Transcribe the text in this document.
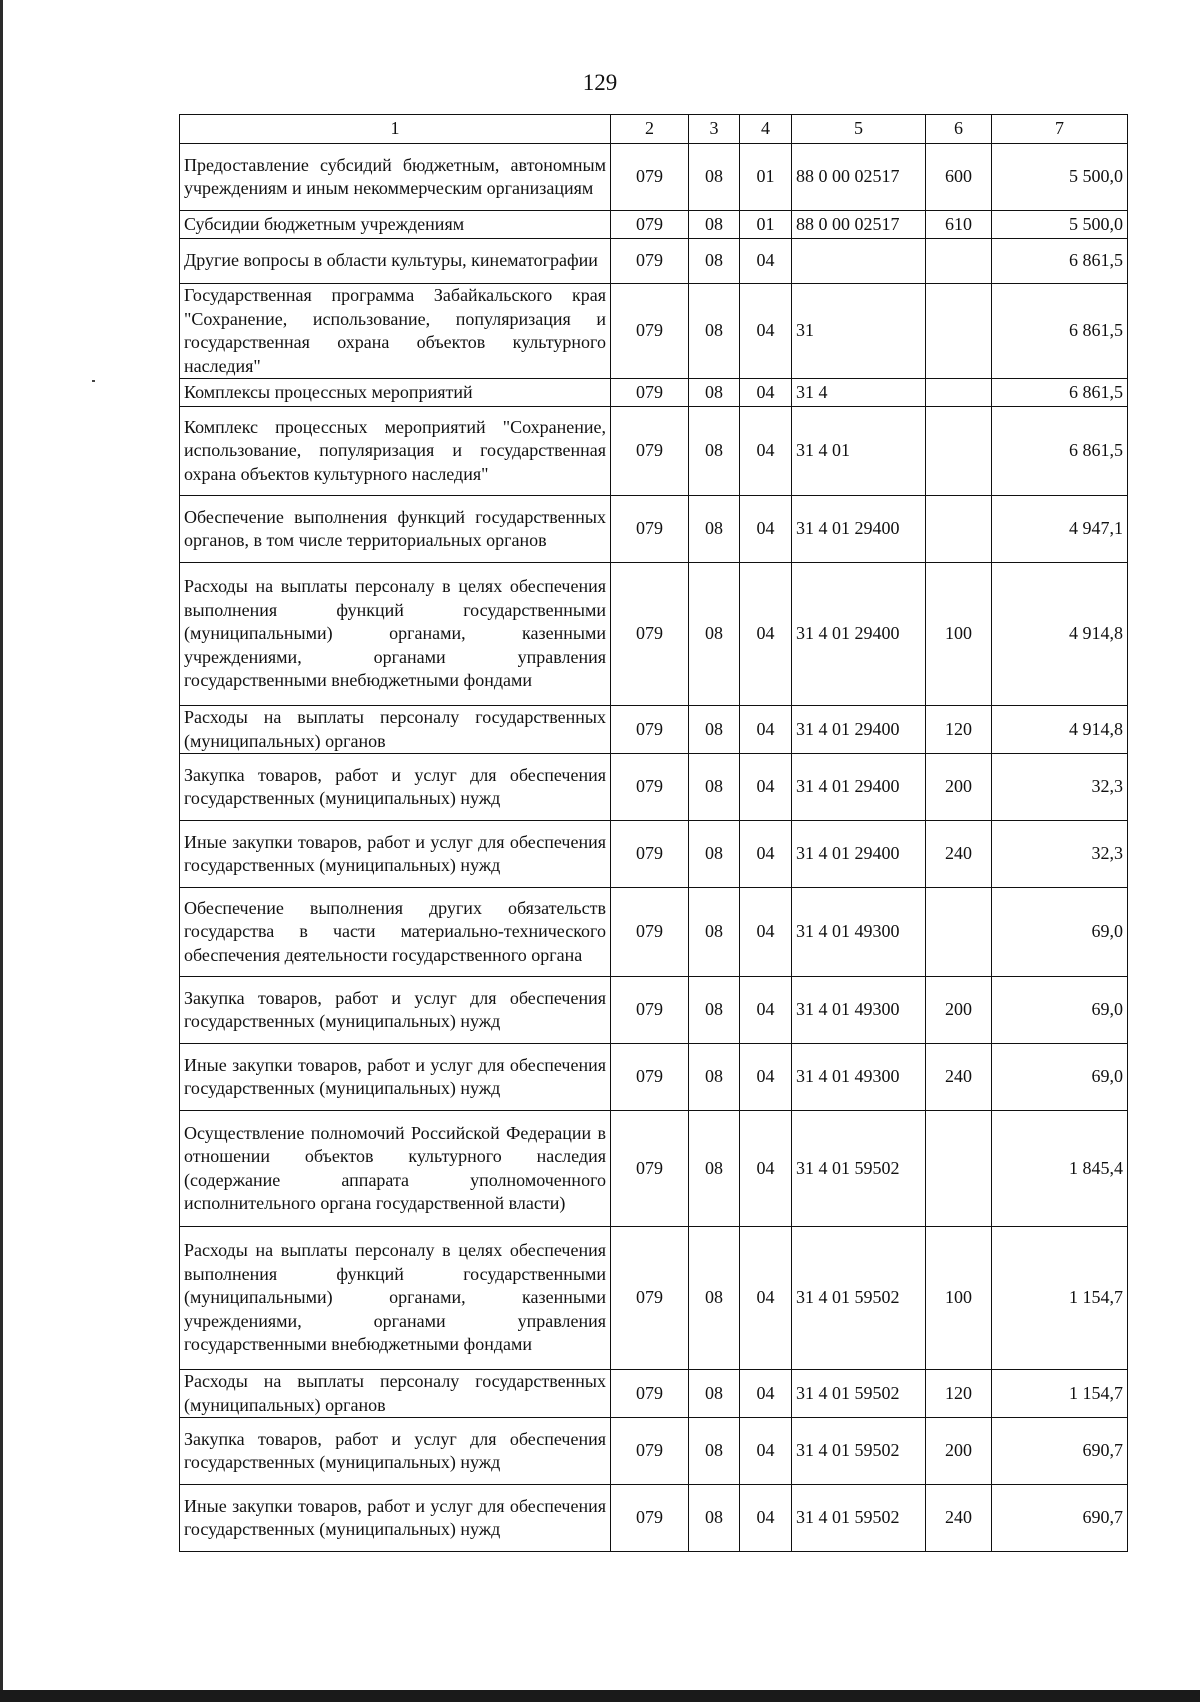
129
1	2	3	4	5	6	7
Предоставление субсидий бюджетным, автономным учреждениям и иным некоммерческим организациям	079	08	01	88 0 00 02517	600	5 500,0
Субсидии бюджетным учреждениям	079	08	01	88 0 00 02517	610	5 500,0
Другие вопросы в области культуры, кинематографии	079	08	04			6 861,5
Государственная программа Забайкальского края "Сохранение, использование, популяризация и государственная охрана объектов культурного наследия"	079	08	04	31		6 861,5
Комплексы процессных мероприятий	079	08	04	31 4		6 861,5
Комплекс процессных мероприятий "Сохранение, использование, популяризация и государственная охрана объектов культурного наследия"	079	08	04	31 4 01		6 861,5
Обеспечение выполнения функций государственных органов, в том числе территориальных органов	079	08	04	31 4 01 29400		4 947,1
Расходы на выплаты персоналу в целях обеспечения выполнения функций государственными (муниципальными) органами, казенными учреждениями, органами управления государственными внебюджетными фондами	079	08	04	31 4 01 29400	100	4 914,8
Расходы на выплаты персоналу государственных (муниципальных) органов	079	08	04	31 4 01 29400	120	4 914,8
Закупка товаров, работ и услуг для обеспечения государственных (муниципальных) нужд	079	08	04	31 4 01 29400	200	32,3
Иные закупки товаров, работ и услуг для обеспечения государственных (муниципальных) нужд	079	08	04	31 4 01 29400	240	32,3
Обеспечение выполнения других обязательств государства в части материально-технического обеспечения деятельности государственного органа	079	08	04	31 4 01 49300		69,0
Закупка товаров, работ и услуг для обеспечения государственных (муниципальных) нужд	079	08	04	31 4 01 49300	200	69,0
Иные закупки товаров, работ и услуг для обеспечения государственных (муниципальных) нужд	079	08	04	31 4 01 49300	240	69,0
Осуществление полномочий Российской Федерации в отношении объектов культурного наследия (содержание аппарата уполномоченного исполнительного органа государственной власти)	079	08	04	31 4 01 59502		1 845,4
Расходы на выплаты персоналу в целях обеспечения выполнения функций государственными (муниципальными) органами, казенными учреждениями, органами управления государственными внебюджетными фондами	079	08	04	31 4 01 59502	100	1 154,7
Расходы на выплаты персоналу государственных (муниципальных) органов	079	08	04	31 4 01 59502	120	1 154,7
Закупка товаров, работ и услуг для обеспечения государственных (муниципальных) нужд	079	08	04	31 4 01 59502	200	690,7
Иные закупки товаров, работ и услуг для обеспечения государственных (муниципальных) нужд	079	08	04	31 4 01 59502	240	690,7
